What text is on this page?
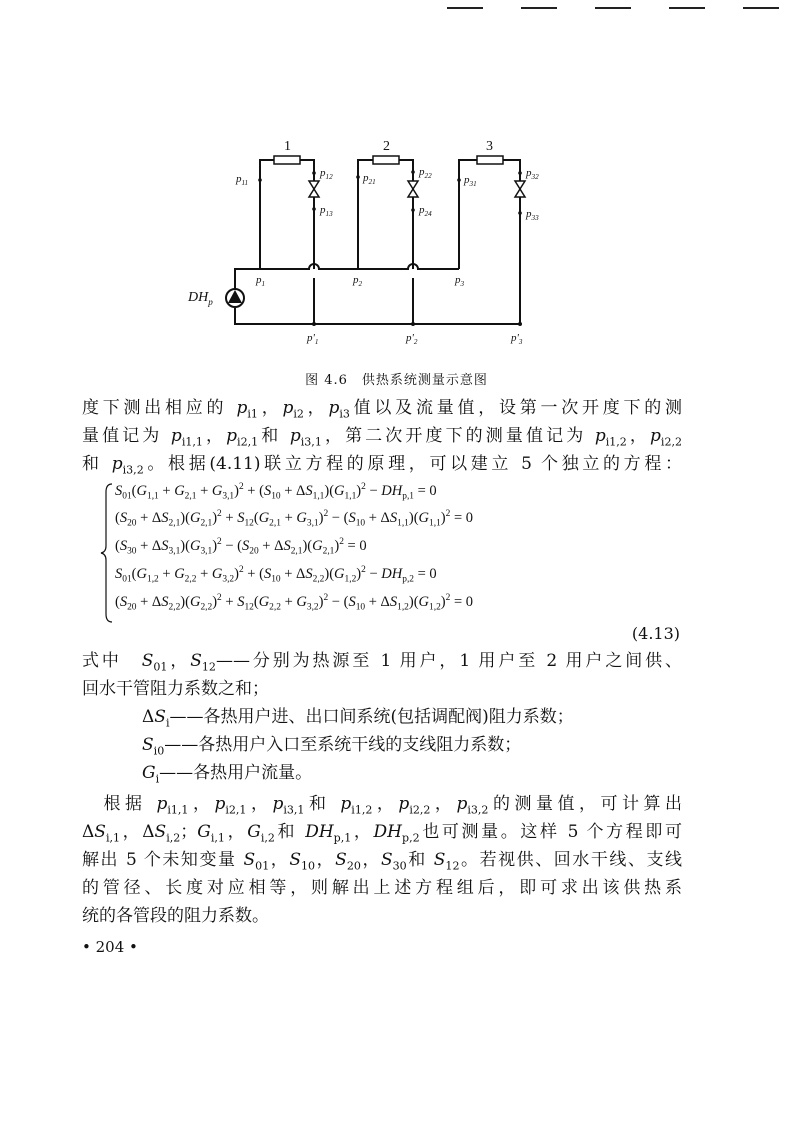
1	2	3
$p_{11}$
$p_{12}$
$p_{13}$
$p_{21}$
$p_{22}$
$p_{24}$
$p_{31}$
$p_{32}$
$p_{33}$
$p_1$	$p_2$	$p_3$
$p'_1$	$p'_2$	$p'_3$
$DH_p$
图 4.6　供热系统测量示意图
度下测出相应的 $p_{i1}$，$p_{i2}$，$p_{i3}$值以及流量值，设第一次开度下的测
量值记为 $p_{i1,1}$，$p_{i2,1}$和 $p_{i3,1}$，第二次开度下的测量值记为 $p_{i1,2}$，$p_{i2,2}$
和 $p_{i3,2}$。根据(4.11)联立方程的原理，可以建立 5 个独立的方程：
$S_{01}(G_{1,1} + G_{2,1} + G_{3,1})^2 + (S_{10} + \Delta S_{1,1})(G_{1,1})^2 - DH_{p,1} = 0$
$(S_{20} + \Delta S_{2,1})(G_{2,1})^2 + S_{12}(G_{2,1} + G_{3,1})^2 - (S_{10} + \Delta S_{1,1})(G_{1,1})^2 = 0$
$(S_{30} + \Delta S_{3,1})(G_{3,1})^2 - (S_{20} + \Delta S_{2,1})(G_{2,1})^2 = 0$
$S_{01}(G_{1,2} + G_{2,2} + G_{3,2})^2 + (S_{10} + \Delta S_{2,2})(G_{1,2})^2 - DH_{p,2} = 0$
$(S_{20} + \Delta S_{2,2})(G_{2,2})^2 + S_{12}(G_{2,2} + G_{3,2})^2 - (S_{10} + \Delta S_{1,2})(G_{1,2})^2 = 0$
(4.13)
式中　$S_{01}$，$S_{12}——$分别为热源至 1 用户，1 用户至 2 用户之间供、
回水干管阻力系数之和；
$\Delta S_i——$各热用户进、出口间系统(包括调配阀)阻力系数；
$S_{i0}——$各热用户入口至系统干线的支线阻力系数；
$G_i——$各热用户流量。
　根据 $p_{i1,1}$，$p_{i2,1}$，$p_{i3,1}$和 $p_{i1,2}$，$p_{i2,2}$，$p_{i3,2}$的测量值，可计算出
$\Delta S_{i,1}$，$\Delta S_{i,2}$；$G_{i,1}$，$G_{i,2}$和 $DH_{p,1}$，$DH_{p,2}$也可测量。这样 5 个方程即可
解出 5 个未知变量 $S_{01}$，$S_{10}$，$S_{20}$，$S_{30}$和 $S_{12}$。若视供、回水干线、支线
的管径、长度对应相等，则解出上述方程组后，即可求出该供热系
统的各管段的阻力系数。
• 204 •
